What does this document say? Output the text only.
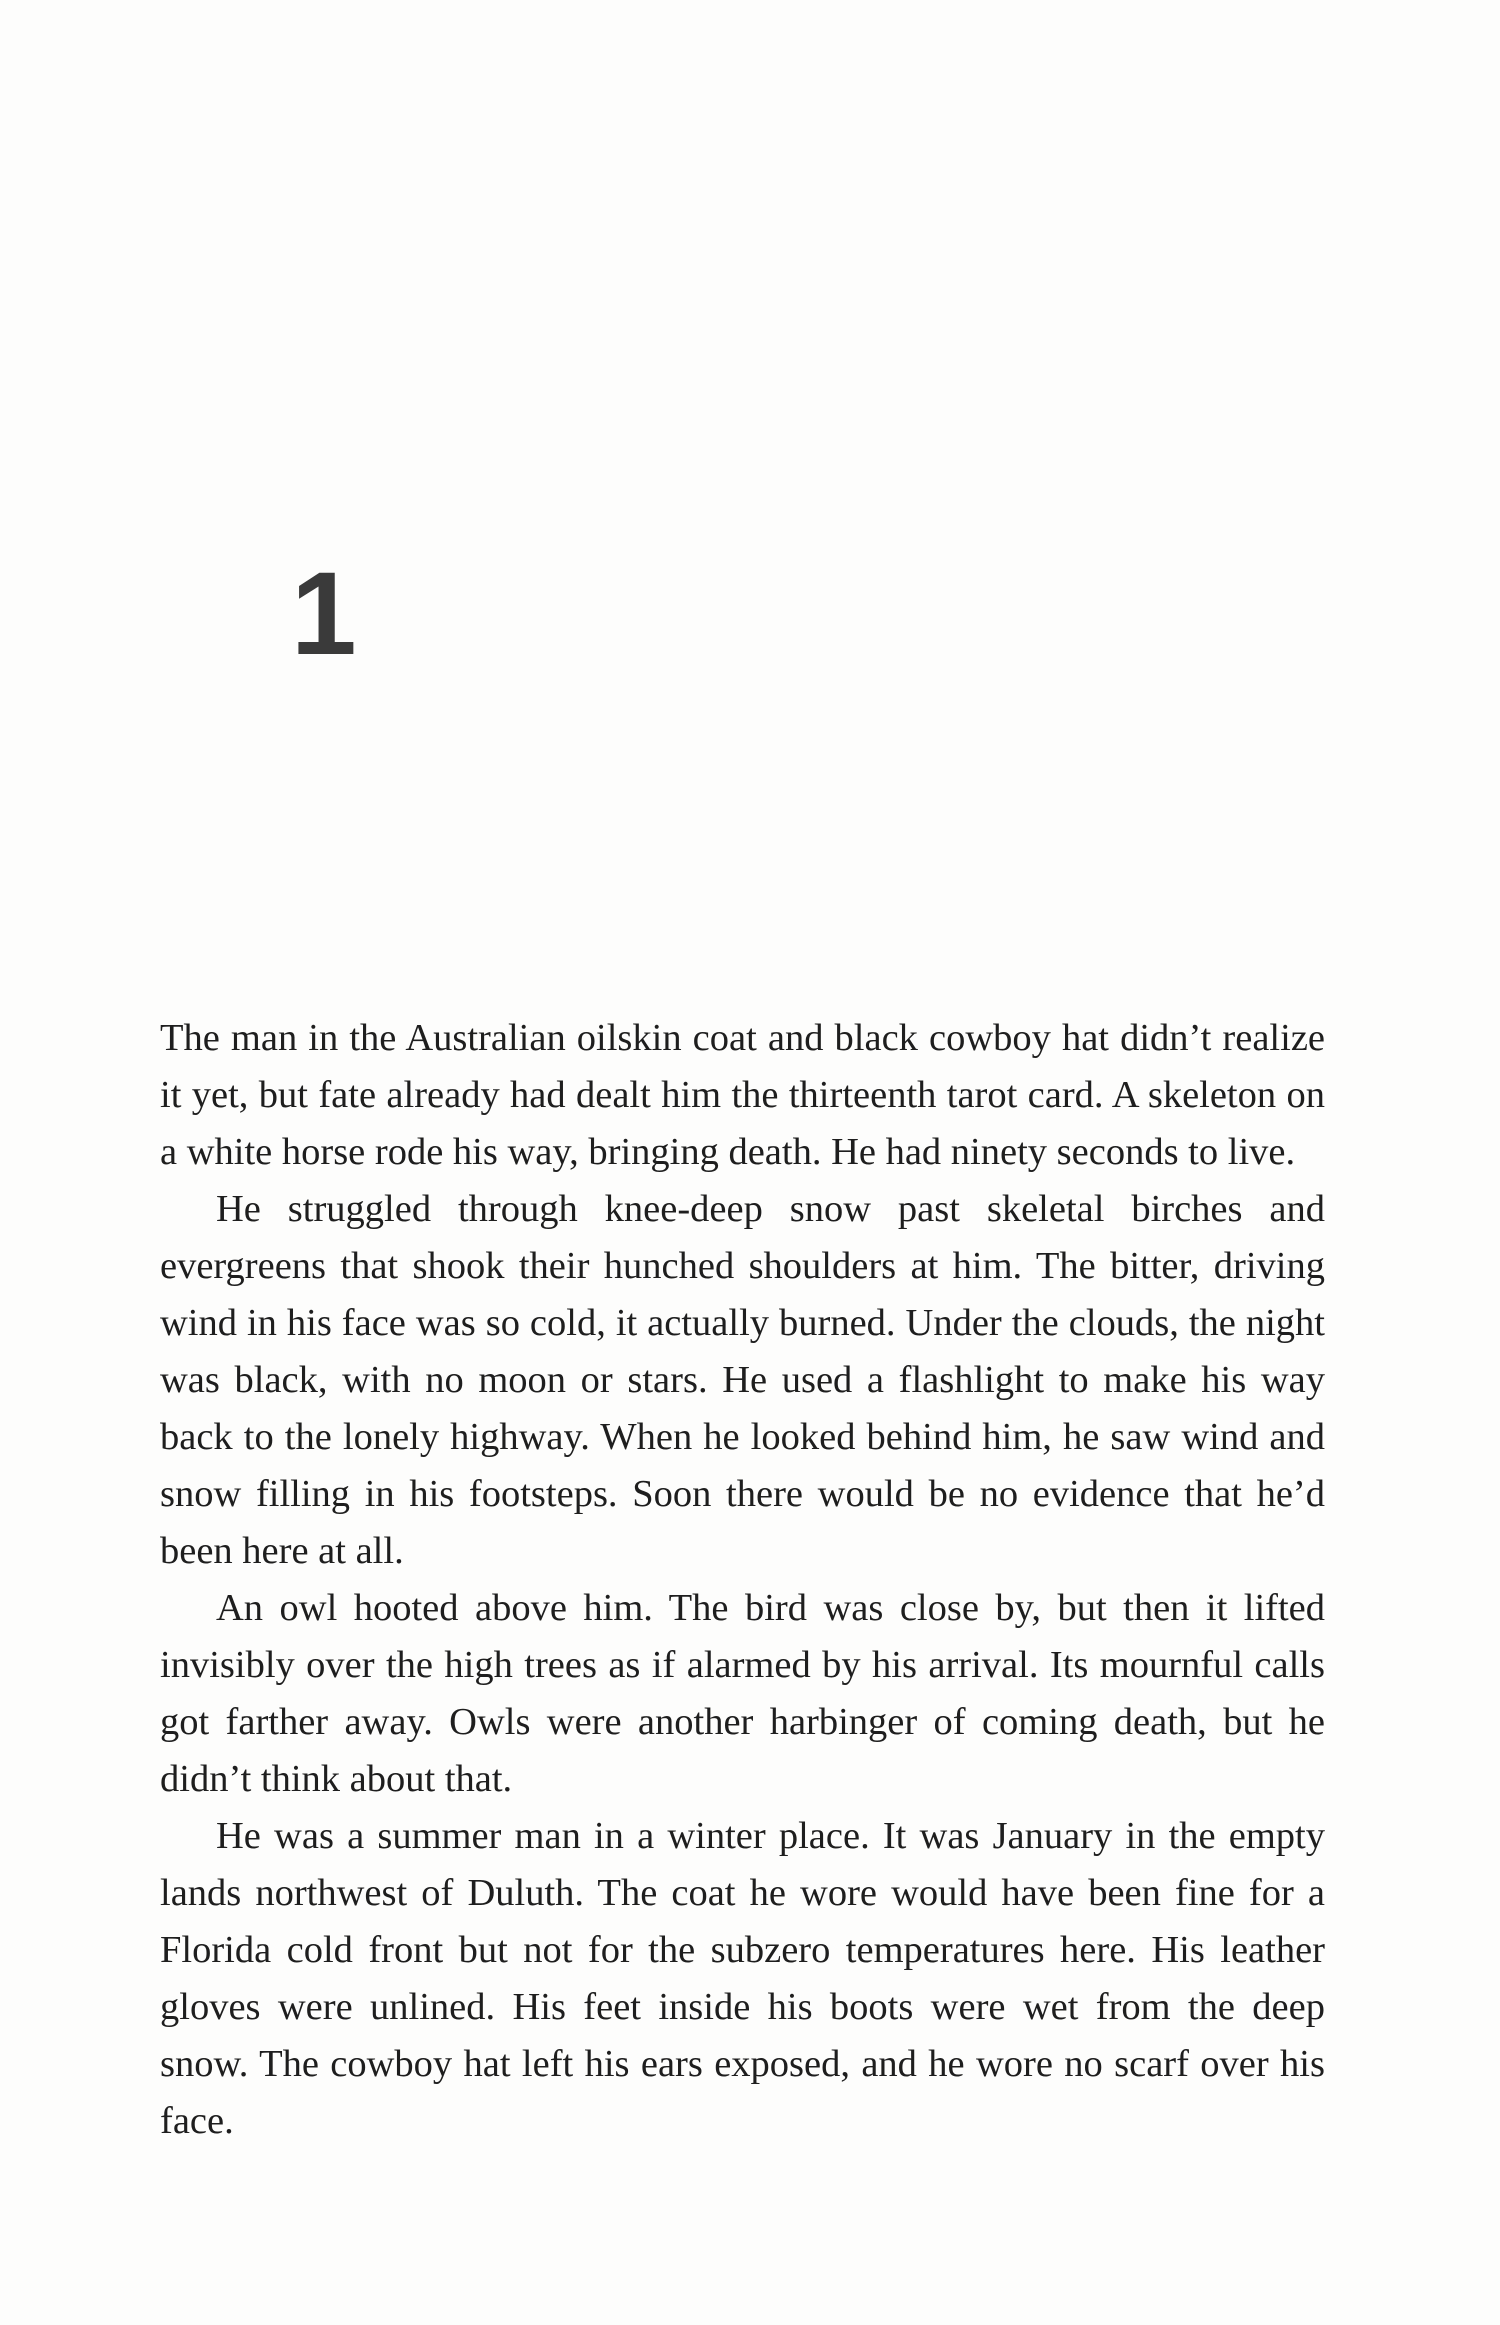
1

The man in the Australian oilskin coat and black cowboy hat didn’t realize it yet, but fate already had dealt him the thirteenth tarot card. A skeleton on a white horse rode his way, bringing death. He had ninety seconds to live.

He struggled through knee-deep snow past skeletal birches and evergreens that shook their hunched shoulders at him. The bitter, driving wind in his face was so cold, it actually burned. Under the clouds, the night was black, with no moon or stars. He used a flashlight to make his way back to the lonely highway. When he looked behind him, he saw wind and snow filling in his footsteps. Soon there would be no evidence that he’d been here at all.

An owl hooted above him. The bird was close by, but then it lifted invisibly over the high trees as if alarmed by his arrival. Its mournful calls got farther away. Owls were another harbinger of coming death, but he didn’t think about that.

He was a summer man in a winter place. It was January in the empty lands northwest of Duluth. The coat he wore would have been fine for a Florida cold front but not for the subzero temperatures here. His leather gloves were unlined. His feet inside his boots were wet from the deep snow. The cowboy hat left his ears exposed, and he wore no scarf over his face.
